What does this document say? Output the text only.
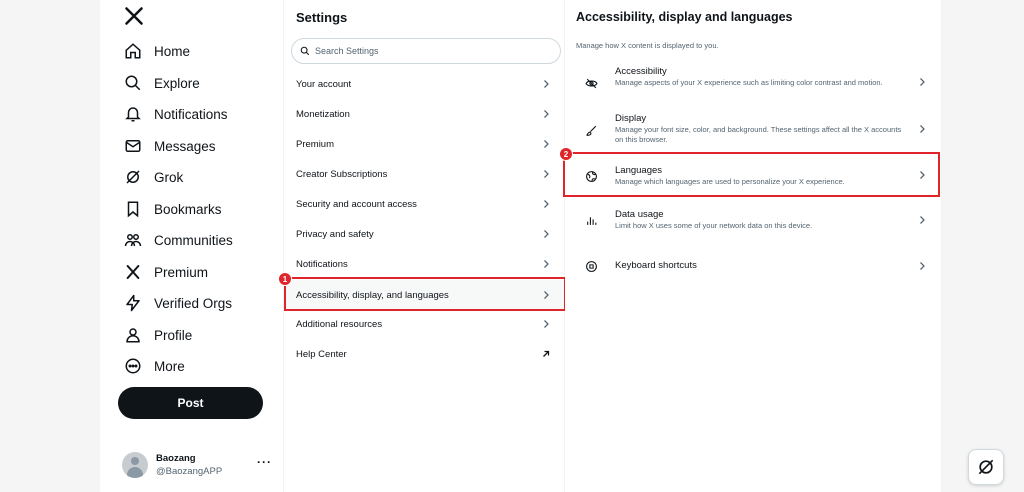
Home
Explore
Notifications
Messages
Grok
Bookmarks
Communities
Premium
Verified Orgs
Profile
More
Post
Baozang
@BaozangAPP
···
Settings
Search Settings
Your account
Monetization
Premium
Creator Subscriptions
Security and account access
Privacy and safety
Notifications
Accessibility, display, and languages
Additional resources
Help Center
1
Accessibility, display and languages

Manage how X content is displayed to you.

Accessibility
Manage aspects of your X experience such as limiting color contrast and motion.
Display
Manage your font size, color, and background. These settings affect all the X accounts on this browser.
Languages
Manage which languages are used to personalize your X experience.
Data usage
Limit how X uses some of your network data on this device.
Keyboard shortcuts
2
